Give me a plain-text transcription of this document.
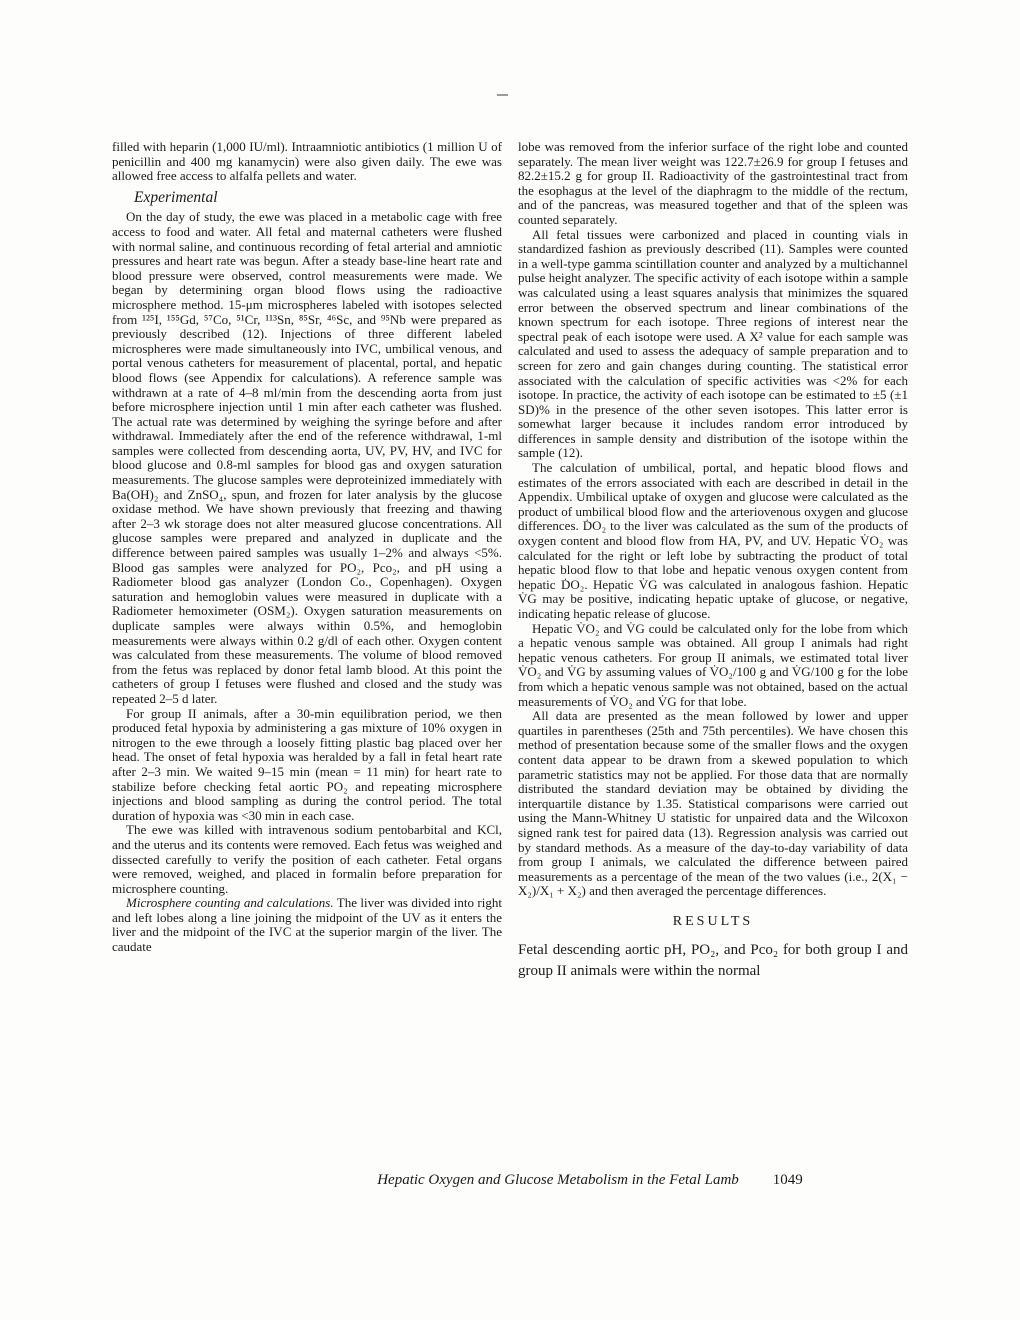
filled with heparin (1,000 IU/ml). Intraamniotic antibiotics (1 million U of penicillin and 400 mg kanamycin) were also given daily. The ewe was allowed free access to alfalfa pellets and water.

Experimental

On the day of study, the ewe was placed in a metabolic cage with free access to food and water. All fetal and maternal catheters were flushed with normal saline, and continuous recording of fetal arterial and amniotic pressures and heart rate was begun. After a steady base-line heart rate and blood pressure were observed, control measurements were made. We began by determining organ blood flows using the radioactive microsphere method. 15-μm microspheres labeled with isotopes selected from ¹²⁵I, ¹⁵⁵Gd, ⁵⁷Co, ⁵¹Cr, ¹¹³Sn, ⁸⁵Sr, ⁴⁶Sc, and ⁹⁵Nb were prepared as previously described (12). Injections of three different labeled microspheres were made simultaneously into IVC, umbilical venous, and portal venous catheters for measurement of placental, portal, and hepatic blood flows (see Appendix for calculations). A reference sample was withdrawn at a rate of 4–8 ml/min from the descending aorta from just before microsphere injection until 1 min after each catheter was flushed. The actual rate was determined by weighing the syringe before and after withdrawal. Immediately after the end of the reference withdrawal, 1-ml samples were collected from descending aorta, UV, PV, HV, and IVC for blood glucose and 0.8-ml samples for blood gas and oxygen saturation measurements. The glucose samples were deproteinized immediately with Ba(OH)₂ and ZnSO₄, spun, and frozen for later analysis by the glucose oxidase method. We have shown previously that freezing and thawing after 2–3 wk storage does not alter measured glucose concentrations. All glucose samples were prepared and analyzed in duplicate and the difference between paired samples was usually 1–2% and always <5%. Blood gas samples were analyzed for PO₂, Pco₂, and pH using a Radiometer blood gas analyzer (London Co., Copenhagen). Oxygen saturation and hemoglobin values were measured in duplicate with a Radiometer hemoximeter (OSM₂). Oxygen saturation measurements on duplicate samples were always within 0.5%, and hemoglobin measurements were always within 0.2 g/dl of each other. Oxygen content was calculated from these measurements. The volume of blood removed from the fetus was replaced by donor fetal lamb blood. At this point the catheters of group I fetuses were flushed and closed and the study was repeated 2–5 d later.

For group II animals, after a 30-min equilibration period, we then produced fetal hypoxia by administering a gas mixture of 10% oxygen in nitrogen to the ewe through a loosely fitting plastic bag placed over her head. The onset of fetal hypoxia was heralded by a fall in fetal heart rate after 2–3 min. We waited 9–15 min (mean = 11 min) for heart rate to stabilize before checking fetal aortic PO₂ and repeating microsphere injections and blood sampling as during the control period. The total duration of hypoxia was <30 min in each case.

The ewe was killed with intravenous sodium pentobarbital and KCl, and the uterus and its contents were removed. Each fetus was weighed and dissected carefully to verify the position of each catheter. Fetal organs were removed, weighed, and placed in formalin before preparation for microsphere counting.

Microsphere counting and calculations. The liver was divided into right and left lobes along a line joining the midpoint of the UV as it enters the liver and the midpoint of the IVC at the superior margin of the liver. The caudate

lobe was removed from the inferior surface of the right lobe and counted separately. The mean liver weight was 122.7±26.9 for group I fetuses and 82.2±15.2 g for group II. Radioactivity of the gastrointestinal tract from the esophagus at the level of the diaphragm to the middle of the rectum, and of the pancreas, was measured together and that of the spleen was counted separately.

All fetal tissues were carbonized and placed in counting vials in standardized fashion as previously described (11). Samples were counted in a well-type gamma scintillation counter and analyzed by a multichannel pulse height analyzer. The specific activity of each isotope within a sample was calculated using a least squares analysis that minimizes the squared error between the observed spectrum and linear combinations of the known spectrum for each isotope. Three regions of interest near the spectral peak of each isotope were used. A X² value for each sample was calculated and used to assess the adequacy of sample preparation and to screen for zero and gain changes during counting. The statistical error associated with the calculation of specific activities was <2% for each isotope. In practice, the activity of each isotope can be estimated to ±5 (±1 SD)% in the presence of the other seven isotopes. This latter error is somewhat larger because it includes random error introduced by differences in sample density and distribution of the isotope within the sample (12).

The calculation of umbilical, portal, and hepatic blood flows and estimates of the errors associated with each are described in detail in the Appendix. Umbilical uptake of oxygen and glucose were calculated as the product of umbilical blood flow and the arteriovenous oxygen and glucose differences. ḊO₂ to the liver was calculated as the sum of the products of oxygen content and blood flow from HA, PV, and UV. Hepatic V̇O₂ was calculated for the right or left lobe by subtracting the product of total hepatic blood flow to that lobe and hepatic venous oxygen content from hepatic ḊO₂. Hepatic V̇G was calculated in analogous fashion. Hepatic V̇G may be positive, indicating hepatic uptake of glucose, or negative, indicating hepatic release of glucose.

Hepatic V̇O₂ and V̇G could be calculated only for the lobe from which a hepatic venous sample was obtained. All group I animals had right hepatic venous catheters. For group II animals, we estimated total liver V̇O₂ and V̇G by assuming values of V̇O₂/100 g and V̇G/100 g for the lobe from which a hepatic venous sample was not obtained, based on the actual measurements of V̇O₂ and V̇G for that lobe.

All data are presented as the mean followed by lower and upper quartiles in parentheses (25th and 75th percentiles). We have chosen this method of presentation because some of the smaller flows and the oxygen content data appear to be drawn from a skewed population to which parametric statistics may not be applied. For those data that are normally distributed the standard deviation may be obtained by dividing the interquartile distance by 1.35. Statistical comparisons were carried out using the Mann-Whitney U statistic for unpaired data and the Wilcoxon signed rank test for paired data (13). Regression analysis was carried out by standard methods. As a measure of the day-to-day variability of data from group I animals, we calculated the difference between paired measurements as a percentage of the mean of the two values (i.e., 2(X₁ − X₂)/X₁ + X₂) and then averaged the percentage differences.

RESULTS

Fetal descending aortic pH, PO₂, and Pco₂ for both group I and group II animals were within the normal

Hepatic Oxygen and Glucose Metabolism in the Fetal Lamb 1049
